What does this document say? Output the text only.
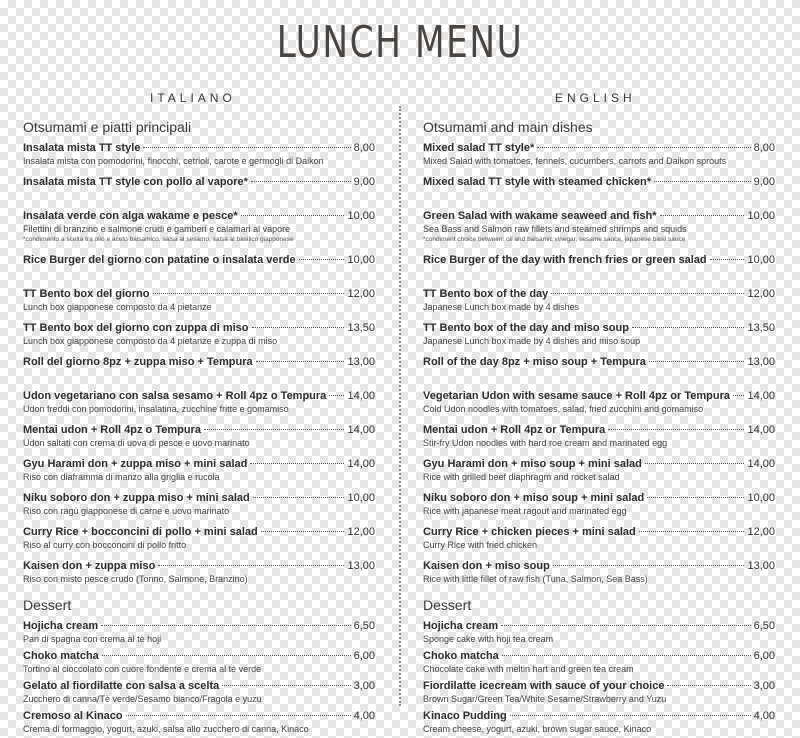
LUNCH MENU
ITALIANO	ENGLISH
Otsumami e piatti principali
Insalata mista TT style	8,00
Insalata mista con pomodorini, finocchi, cetrioli, carote e germogli di Daikon
Insalata mista TT style con pollo al vapore*	9,00
Insalata verde con alga wakame e pesce*	10,00
Filettini di branzino e salmone crudi e gamberi e calamari al vapore
*condimento a scelta tra olio e aceto balsamico, salsa al sesamo, salsa al basilico giapponese
Rice Burger del giorno con patatine o insalata verde	10,00
TT Bento box del giorno	12,00
Lunch box giapponese composto da 4 pietanze
TT Bento box del giorno con zuppa di miso	13,50
Lunch box giapponese composto da 4 pietanze e zuppa di miso
Roll del giorno 8pz + zuppa miso + Tempura	13,00
Udon vegetariano con salsa sesamo + Roll 4pz o Tempura 14,00
Udon freddi con pomodorini, insalatina, zucchine fritte e gomamiso
Mentai udon + Roll 4pz o Tempura	14,00
Udon saltati con crema di uova di pesce e uovo marinato
Gyu Harami don + zuppa miso + mini salad	14,00
Riso con diaframma di manzo alla griglia e rucola
Niku soboro don + zuppa miso + mini salad	10,00
Riso con ragù giapponese di carne e uovo marinato
Curry Rice + bocconcini di pollo + mini salad	12,00
Riso al curry con bocconcini di pollo fritto
Kaisen don + zuppa miso	13,00
Riso con misto pesce crudo (Tonno, Salmone, Branzino)
Dessert
Hojicha cream	6,50
Pan di spagna con crema al tè hoji
Choko matcha	6,00
Tortino al cioccolato con cuore fondente e crema al tè verde
Gelato al fiordilatte con salsa a scelta	3,00
Zucchero di canna/Tè verde/Sesamo bianco/Fragola e yuzu
Cremoso al Kinaco	4,00
Crema di formaggio, yogurt, azuki, salsa allo zucchero di canna, Kinaco
Otsumami and main dishes
Mixed salad TT style*	8,00
Mixed Salad with tomatoes, fennels, cucumbers, carrots and Daikon sprouts
Mixed salad TT style with steamed chicken*	9,00
Green Salad with wakame seaweed and fish*	10,00
Sea Bass and Salmon raw fillets and steamed shrimps and squids
*condiment choice between: oil and balsamic vinegar, sesame sauce, japanese basil sauce
Rice Burger of the day with french fries or green salad	10,00
TT Bento box of the day	12,00
Japanese Lunch box made by 4 dishes
TT Bento box of the day and miso soup	13,50
Japanese Lunch box made by 4 dishes and miso soup
Roll of the day 8pz + miso soup + Tempura	13,00
Vegetarian Udon with sesame sauce + Roll 4pz or Tempura 14,00
Cold Udon noodles with tomatoes, salad, fried zucchini and gomamiso
Mentai udon + Roll 4pz or Tempura	14,00
Stir-fry Udon noodles with hard roe cream and marinated egg
Gyu Harami don + miso soup + mini salad	14,00
Rice with grilled beef diaphragm and rocket salad
Niku soboro don + miso soup + mini salad	10,00
Rice with japanese meat ragout and marinated egg
Curry Rice + chicken pieces + mini salad	12,00
Curry Rice with fried chicken
Kaisen don + miso soup	13,00
Rice with little fillet of raw fish (Tuna, Salmon, Sea Bass)
Dessert
Hojicha cream	6,50
Sponge cake with hoji tea cream
Choko matcha	6,00
Chocolate cake with meltin hart and green tea cream
Fiordilatte icecream with sauce of your choice	3,00
Brown Sugar/Green Tea/White Sesame/Strawberry and Yuzu
Kinaco Pudding	4,00
Cream cheese, yogurt, azuki, brown sugar sauce, Kinaco
